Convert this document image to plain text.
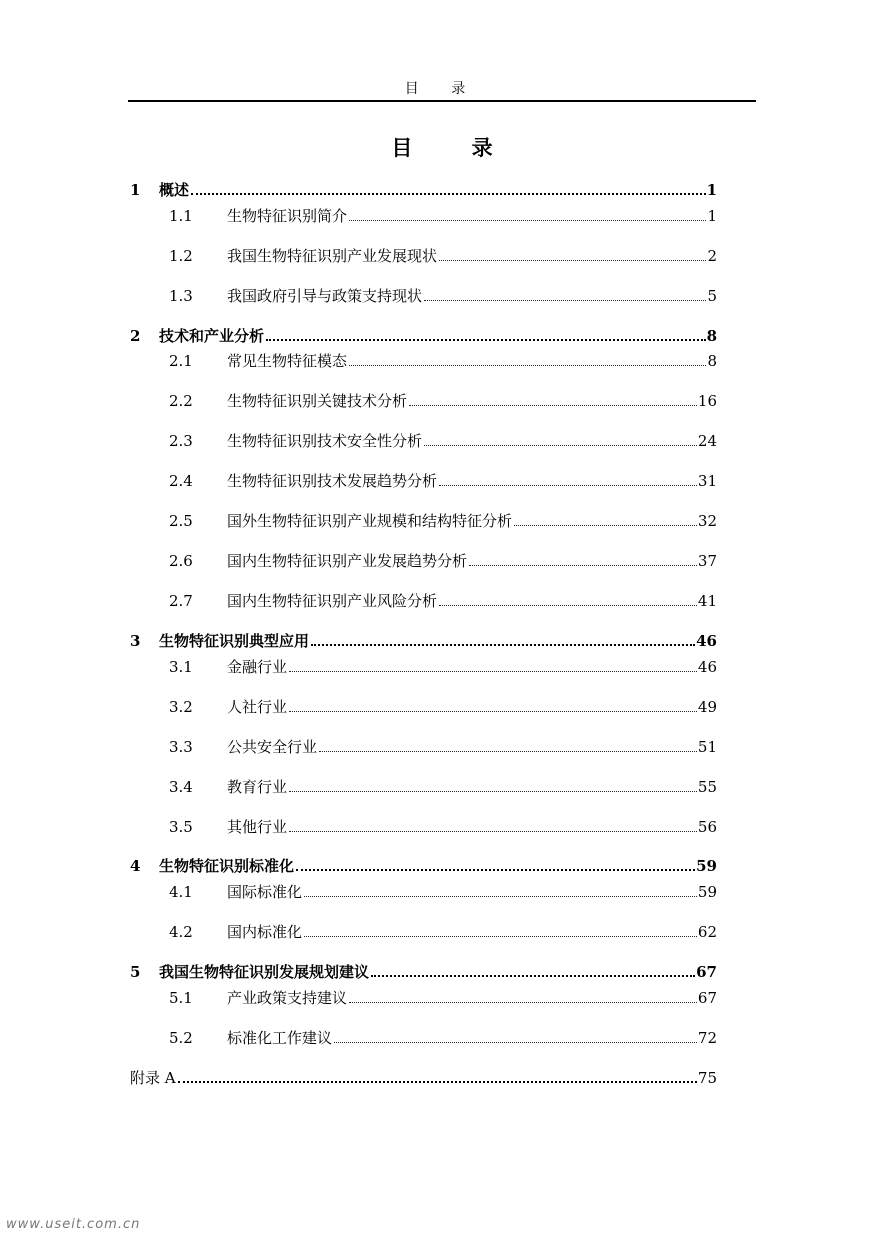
目 录
目 录
1	概述	1
1.1	生物特征识别简介	1
1.2	我国生物特征识别产业发展现状	2
1.3	我国政府引导与政策支持现状	5
2	技术和产业分析	8
2.1	常见生物特征模态	8
2.2	生物特征识别关键技术分析	16
2.3	生物特征识别技术安全性分析	24
2.4	生物特征识别技术发展趋势分析	31
2.5	国外生物特征识别产业规模和结构特征分析	32
2.6	国内生物特征识别产业发展趋势分析	37
2.7	国内生物特征识别产业风险分析	41
3	生物特征识别典型应用	46
3.1	金融行业	46
3.2	人社行业	49
3.3	公共安全行业	51
3.4	教育行业	55
3.5	其他行业	56
4	生物特征识别标准化	59
4.1	国际标准化	59
4.2	国内标准化	62
5	我国生物特征识别发展规划建议	67
5.1	产业政策支持建议	67
5.2	标准化工作建议	72
附录 A	75
www.useit.com.cn
